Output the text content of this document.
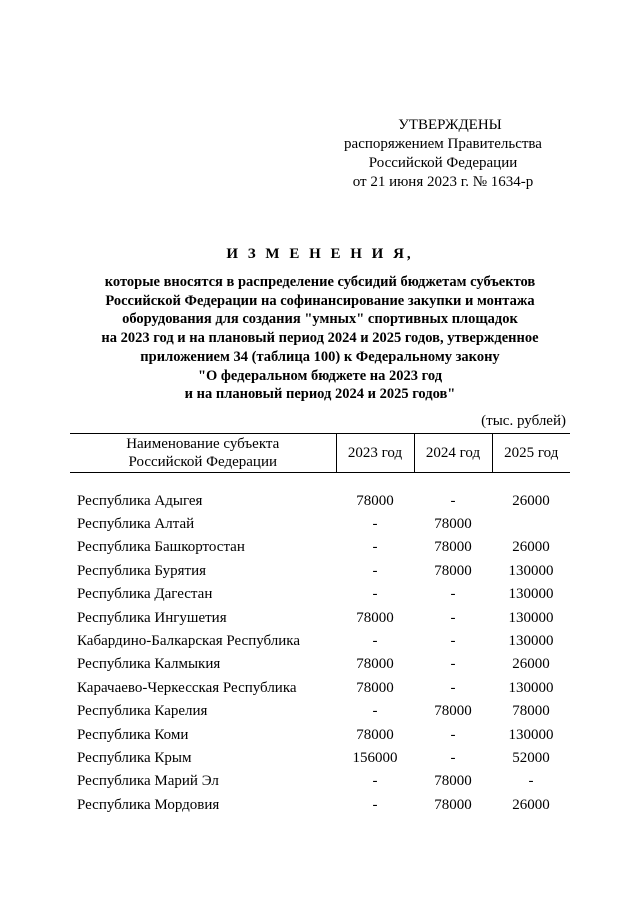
УТВЕРЖДЕНЫ
распоряжением Правительства
Российской Федерации
от 21 июня 2023 г. № 1634-р
И З М Е Н Е Н И Я,
которые вносятся в распределение субсидий бюджетам субъектов
Российской Федерации на софинансирование закупки и монтажа
оборудования для создания "умных" спортивных площадок
на 2023 год и на плановый период 2024 и 2025 годов, утвержденное
приложением 34 (таблица 100) к Федеральному закону
"О федеральном бюджете на 2023 год
и на плановый период 2024 и 2025 годов"
(тыс. рублей)
Наименование субъекта
Российской Федерации	2023 год	2024 год	2025 год

Республика Адыгея	78000	-	26000
Республика Алтай	-	78000	
Республика Башкортостан	-	78000	26000
Республика Бурятия	-	78000	130000
Республика Дагестан	-	-	130000
Республика Ингушетия	78000	-	130000
Кабардино-Балкарская Республика	-	-	130000
Республика Калмыкия	78000	-	26000
Карачаево-Черкесская Республика	78000	-	130000
Республика Карелия	-	78000	78000
Республика Коми	78000	-	130000
Республика Крым	156000	-	52000
Республика Марий Эл	-	78000	-
Республика Мордовия	-	78000	26000
